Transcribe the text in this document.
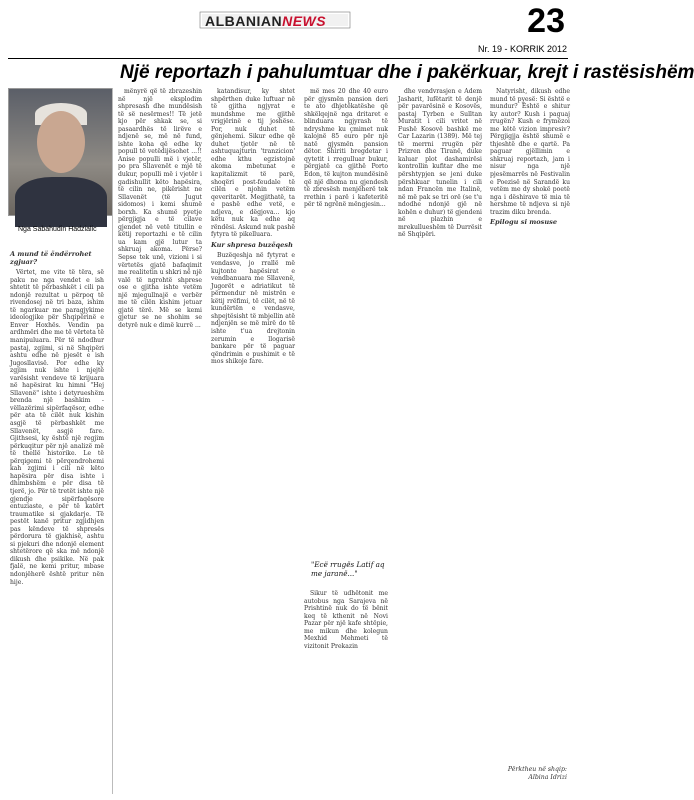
ALBANIANNEWS	23
Nr. 19 - KORRIK 2012
Një reportazh i pahulumtuar dhe i pakërkuar, krejt i rastësishëm
Nga Sabahudin Hadzialic
A mund të ëndërrohet zgjuar?
Vërtet, me vite të tëra, së paku ne nga vendet e ish shtetit të përbashkët i cili pa ndonjë rezultat u përpoq të rivendosej në tri baza, ishim të ngarkuar me paragjykime ideologjike për Shqipërinë e Enver Hoxhës. Vendin pa ardhmëri dhe me të vërteta të manipuluara. Për të ndodhur pastaj, zgjimi, si në Shqipëri ashtu edhe në pjesët e ish Jugosllavisë. Por edhe ky zgjim nuk ishte i njejtë varësisht vendeve të krijuara në hapësirat ku himni "Hej Sllavenë" ishte i detyrueshëm brenda një bashkim - vëllazërimi sipërfaqësor, edhe për ata të cilët nuk kishin asgjë të përbashkët me Sllavenët, asgjë fare. Gjithsesi, ky është një regjim përkuqitur për një analizë më të thellë historike. Le të përqigemi të përqendrohemi kah zgjimi i cili në këto hapësira për disa ishte i dhimbshëm e për disa të tjerë, jo. Për të tretët ishte një gjendje sipërfaqësore entuziaste, e për të katërt traumatike si gjakdarje. Të pestët kanë pritur zgjidhjen pas këndeve të shpresës përdorura të gjakhisë, ashtu si pjekuri dhe ndonjë element shtetërore që ska më ndonjë dikush dhe psikike. Në pak fjalë, ne kemi pritur, mbase ndonjëherë është pritur nën hije.
mënyrë që të zbrazeshin në një eksplodim shpresash dhe mundësish të së nesërmes!! Të jetë kjo për shkak se, si pasaardhës të lirëve e ndjenë se, më në fund, ishte koha që edhe ky popull të vetëdijësohet ...!! Anise populli më i vjetër, po pra Sllavenët e mjë të dukur, populli më i vjetër i gadishullit këto hapësira, të cilin ne, pikërisht ne Sllavenët (të Jugut sidomos) i kemi shumë borxh. Ka shumë pyetje përgjigja e të cilave gjendet në vetë titullin e këtij reportazhi e të cilin ua kam gjë lutur ta shkruaj akoma. Përse? Sepse tek unë, vizioni i si vërtetës gjatë bafaqimit me realitetin u shkri në një valë të ngrohtë shprese ose e gjitha ishte vetëm një mjegullnajë e verbër me të cilën kishim jetuar gjatë tërë. Më se kemi gjetur se ne shohim se detyrë nuk e dimë kurrë ...
katandisur, ky shtet shpërthen duke luftuar në të gjitha ngjyrat e mundshme me gjithë vrigjërinë e tij joshëse. Por, nuk duhet të gënjehemi. Sikur edhe që duhet tjetër në të ashtuquajturin 'tranzicion' edhe kthu egzistojnë akoma mbetunat e kapitalizmit të parë, shoqëri post-feudale të cilën e njohin vetëm qeveritarët. Megjithatë, ta e pashë edhe vetë, e ndjeva, e dëgjova... kjo këtu nuk ka edhe aq rëndësi. Askund nuk pashë fytyra të pikelluara.
Kur shpresa buzëqesh
Buzëqeshja në fytyrat e vendasve, jo rrallë më kujtonte hapësirat e vendbanuara me Sllavenë, Jugorët e adriatikut të përmendur në mistrën e këtij rrëfimi, të cilët, në të kundërtën e vendasve, shpejtësisht të mbjellin atë ndjenjën se më mirë do të ishte t'ua drejtonin zerumin e llogarisë bankare për të paguar qëndrimin e pushimit e të mos shikoje fare.
më mes 20 dhe 40 euro për gjysmën pansion deri te ato dhjetëkatëshe që shkëlqejnë nga dritaret e blinduara ngjyrash të ndryshme ku çmimet nuk kalojnë 85 euro për një natë gjysmën pansion dëtor. Shiriti bregdetar i qytetit i rregulluar bukur, përgjatë ca gjithë Porto Edon, të kujton mundësinë që një dhoma nu gjendesh të zbresësh menjëherë tek rrethin i parë i kafeteritë për të ngrënë mëngjesin...
"Ecë rrugës Latif aq
me jaranë..."
Sikur të udhëtonit me autobus nga Sarajeva në Prishtinë nuk do të bënit keq të kthenit në Novi Pazar për një kafe shtëpie, me mikun dhe kolegun Mexhid Mehmeti të vizitonit Prekazin
dhe vendvrasjen e Adem Jasharit, lufëtarit të denjë për pavarësinë e Kosovës, pastaj Tyrben e Sulltan Muratit i cili vritet në Fushë Kosovë bashkë me Car Lazarin (1389). Më tej të merrni rrugën për Prizren dhe Tiranë, duke kaluar plot dashamirësi kontrollin kufitar dhe me përshtypjen se jeni duke përshkuar tunelin i cili ndan Francën me Italinë, në më pak se tri orë (se t'u ndodhe ndonjë gjë në kohën e duhur) të gjendeni në plazhin e mrekullueshëm të Durrësit në Shqipëri.
Natyrisht, dikush edhe mund të pyesë: Si është e mundur? Është e shitur ky autor? Kush i paguaj rrugën? Kush e frymëzoi me këtë vizion impresiv? Përgjigjja është shumë e thjeshtë dhe e qartë. Pa paguar gjëllimin e shkruaj reportazh, jam i nisur nga një pjesëmarrës në Festivalin e Poezisë në Sarandë ku vetëm me dy shokë poetë nga i dëshirave të mia të hershme të ndjeva si një trazim diku brenda.
Epilogu si mosuse
Përktheu në shqip:
Albina Idrizi
